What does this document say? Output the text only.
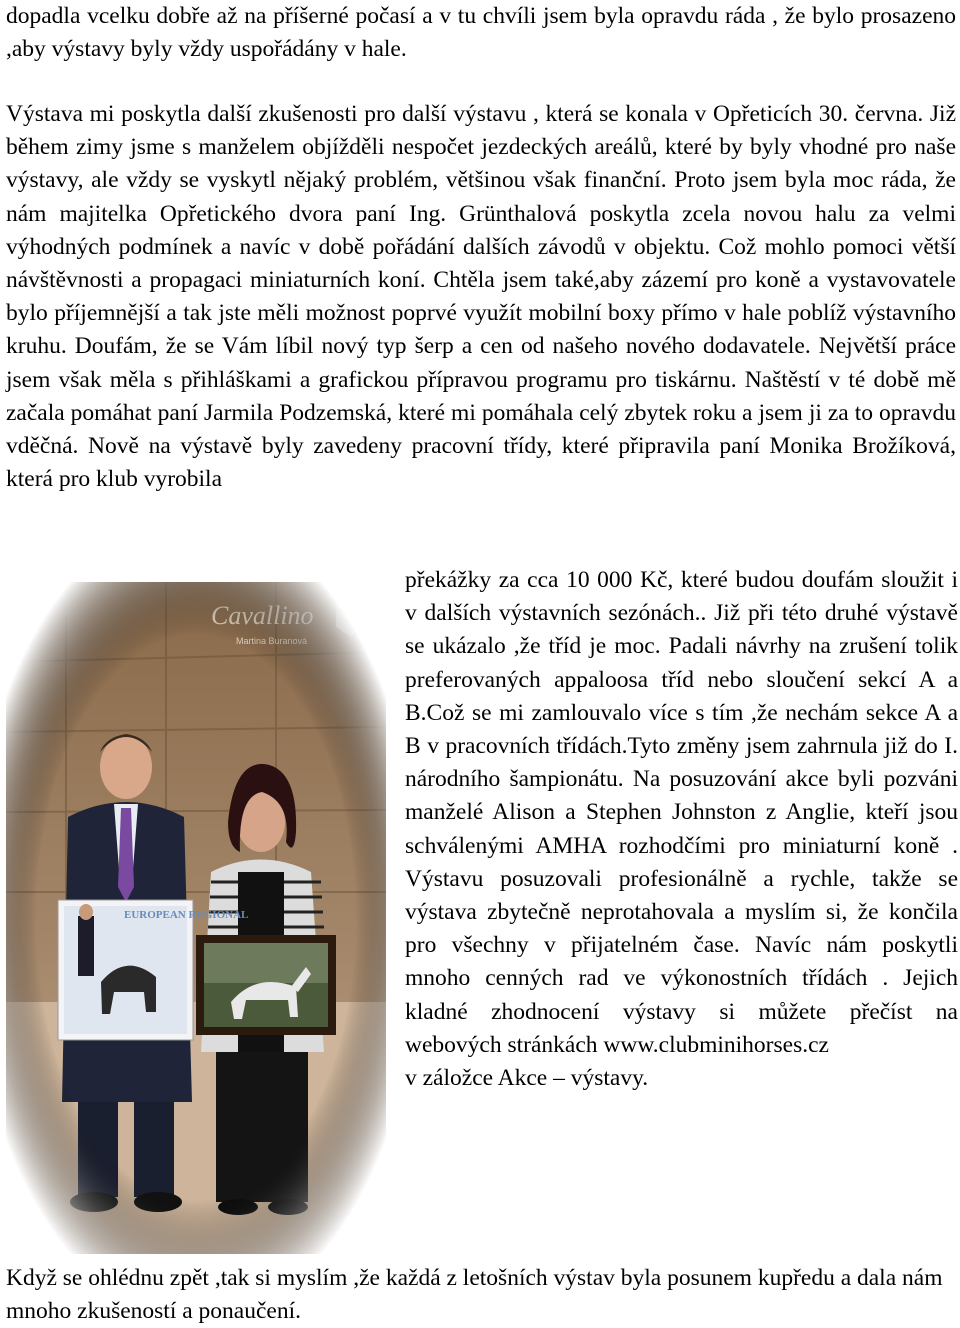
dopadla vcelku dobře až na příšerné počasí a v tu chvíli jsem byla opravdu ráda , že bylo prosazeno ,aby výstavy byly vždy uspořádány v hale.

Výstava mi poskytla další zkušenosti pro další výstavu , která se konala v Opřeticích 30. června. Již během zimy jsme s manželem objížděli nespočet jezdeckých areálů, které by byly vhodné pro naše výstavy, ale vždy se vyskytl nějaký problém, většinou však finanční. Proto jsem byla moc ráda, že nám majitelka Opřetického dvora paní Ing. Grünthalová poskytla zcela novou halu za velmi výhodných podmínek a navíc v době pořádání dalších závodů v objektu. Což mohlo pomoci větší návštěvnosti a propagaci miniaturních koní. Chtěla jsem také,aby zázemí pro koně a vystavovatele bylo příjemnější a tak jste měli možnost poprvé využít mobilní boxy přímo v hale poblíž výstavního kruhu. Doufám, že se Vám líbil nový typ šerp a cen od našeho nového dodavatele. Největší práce jsem však měla s přihláškami a grafickou přípravou programu pro tiskárnu. Naštěstí v té době mě začala pomáhat paní Jarmila Podzemská, které mi pomáhala celý zbytek roku a jsem ji za to opravdu vděčná. Nově na výstavě byly zavedeny pracovní třídy, které připravila paní Monika Brožíková, která pro klub vyrobila

překážky za cca 10 000 Kč, které budou doufám sloužit i v dalších výstavních sezónách.. Již při této druhé výstavě se ukázalo ,že tříd je moc. Padali návrhy na zrušení tolik preferovaných appaloosa tříd nebo sloučení sekcí A a B.Což se mi zamlouvalo více s tím ,že nechám sekce A a B v pracovních třídách.Tyto změny jsem zahrnula již do I. národního šampionátu. Na posuzování akce byli pozváni manželé Alison a Stephen Johnston z Anglie, kteří jsou schválenými AMHA rozhodčími pro miniaturní koně . Výstavu posuzovali profesionálně a rychle, takže se výstava zbytečně neprotahovala a myslím si, že končila pro všechny v přijatelném čase. Navíc nám poskytli mnoho cenných rad ve výkonostních třídách . Jejich kladné zhodnocení výstavy si můžete přečíst na

webových stránkách www.clubminihorses.cz

v záložce Akce – výstavy.

Když se ohlédnu zpět ,tak si myslím ,že každá z letošních výstav byla posunem kupředu a dala nám mnoho zkušeností a ponaučení.
